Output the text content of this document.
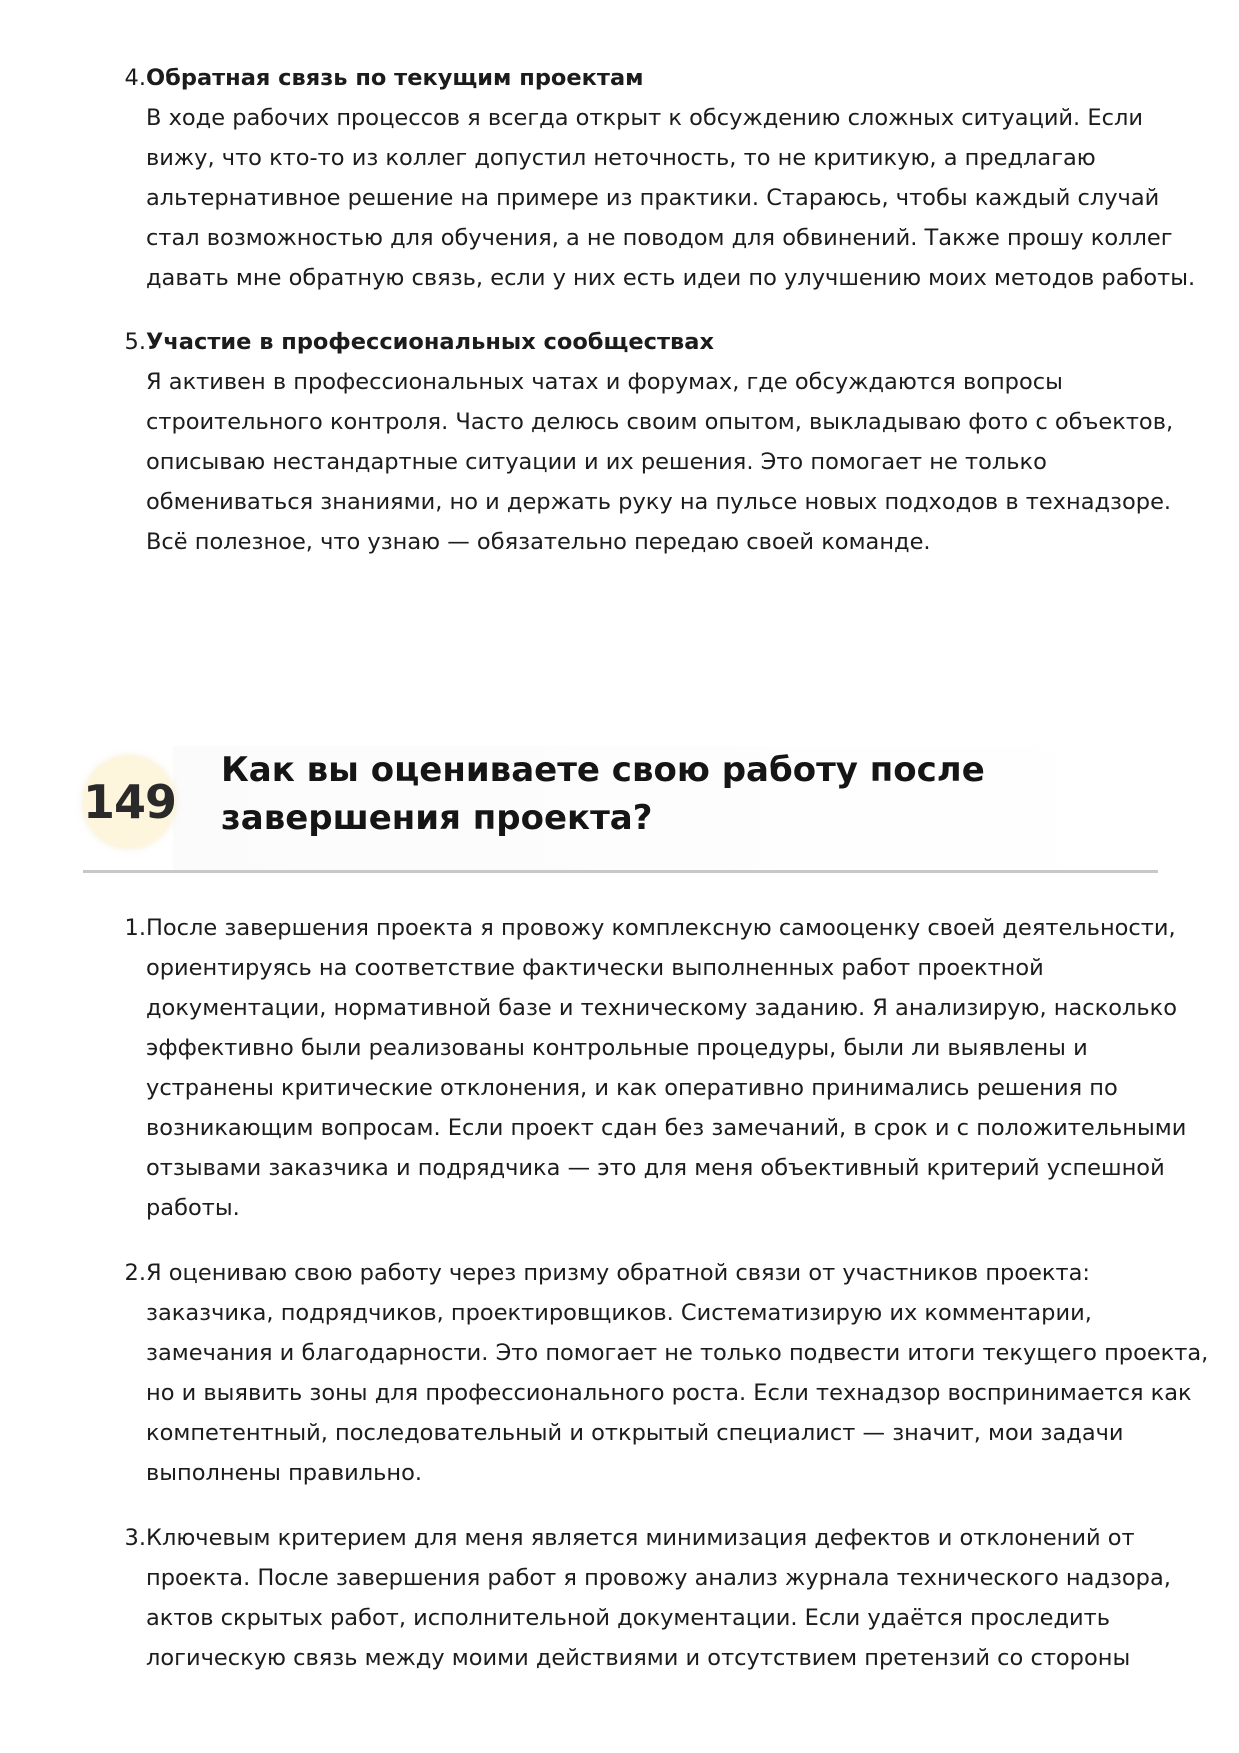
4. Обратная связь по текущим проектам
В ходе рабочих процессов я всегда открыт к обсуждению сложных ситуаций. Если
вижу, что кто-то из коллег допустил неточность, то не критикую, а предлагаю
альтернативное решение на примере из практики. Стараюсь, чтобы каждый случай
стал возможностью для обучения, а не поводом для обвинений. Также прошу коллег
давать мне обратную связь, если у них есть идеи по улучшению моих методов работы.
5. Участие в профессиональных сообществах
Я активен в профессиональных чатах и форумах, где обсуждаются вопросы
строительного контроля. Часто делюсь своим опытом, выкладываю фото с объектов,
описываю нестандартные ситуации и их решения. Это помогает не только
обмениваться знаниями, но и держать руку на пульсе новых подходов в технадзоре.
Всё полезное, что узнаю — обязательно передаю своей команде.
149
Как вы оцениваете свою работу после
завершения проекта?
1. После завершения проекта я провожу комплексную самооценку своей деятельности,
ориентируясь на соответствие фактически выполненных работ проектной
документации, нормативной базе и техническому заданию. Я анализирую, насколько
эффективно были реализованы контрольные процедуры, были ли выявлены и
устранены критические отклонения, и как оперативно принимались решения по
возникающим вопросам. Если проект сдан без замечаний, в срок и с положительными
отзывами заказчика и подрядчика — это для меня объективный критерий успешной
работы.
2. Я оцениваю свою работу через призму обратной связи от участников проекта:
заказчика, подрядчиков, проектировщиков. Систематизирую их комментарии,
замечания и благодарности. Это помогает не только подвести итоги текущего проекта,
но и выявить зоны для профессионального роста. Если технадзор воспринимается как
компетентный, последовательный и открытый специалист — значит, мои задачи
выполнены правильно.
3. Ключевым критерием для меня является минимизация дефектов и отклонений от
проекта. После завершения работ я провожу анализ журнала технического надзора,
актов скрытых работ, исполнительной документации. Если удаётся проследить
логическую связь между моими действиями и отсутствием претензий со стороны
